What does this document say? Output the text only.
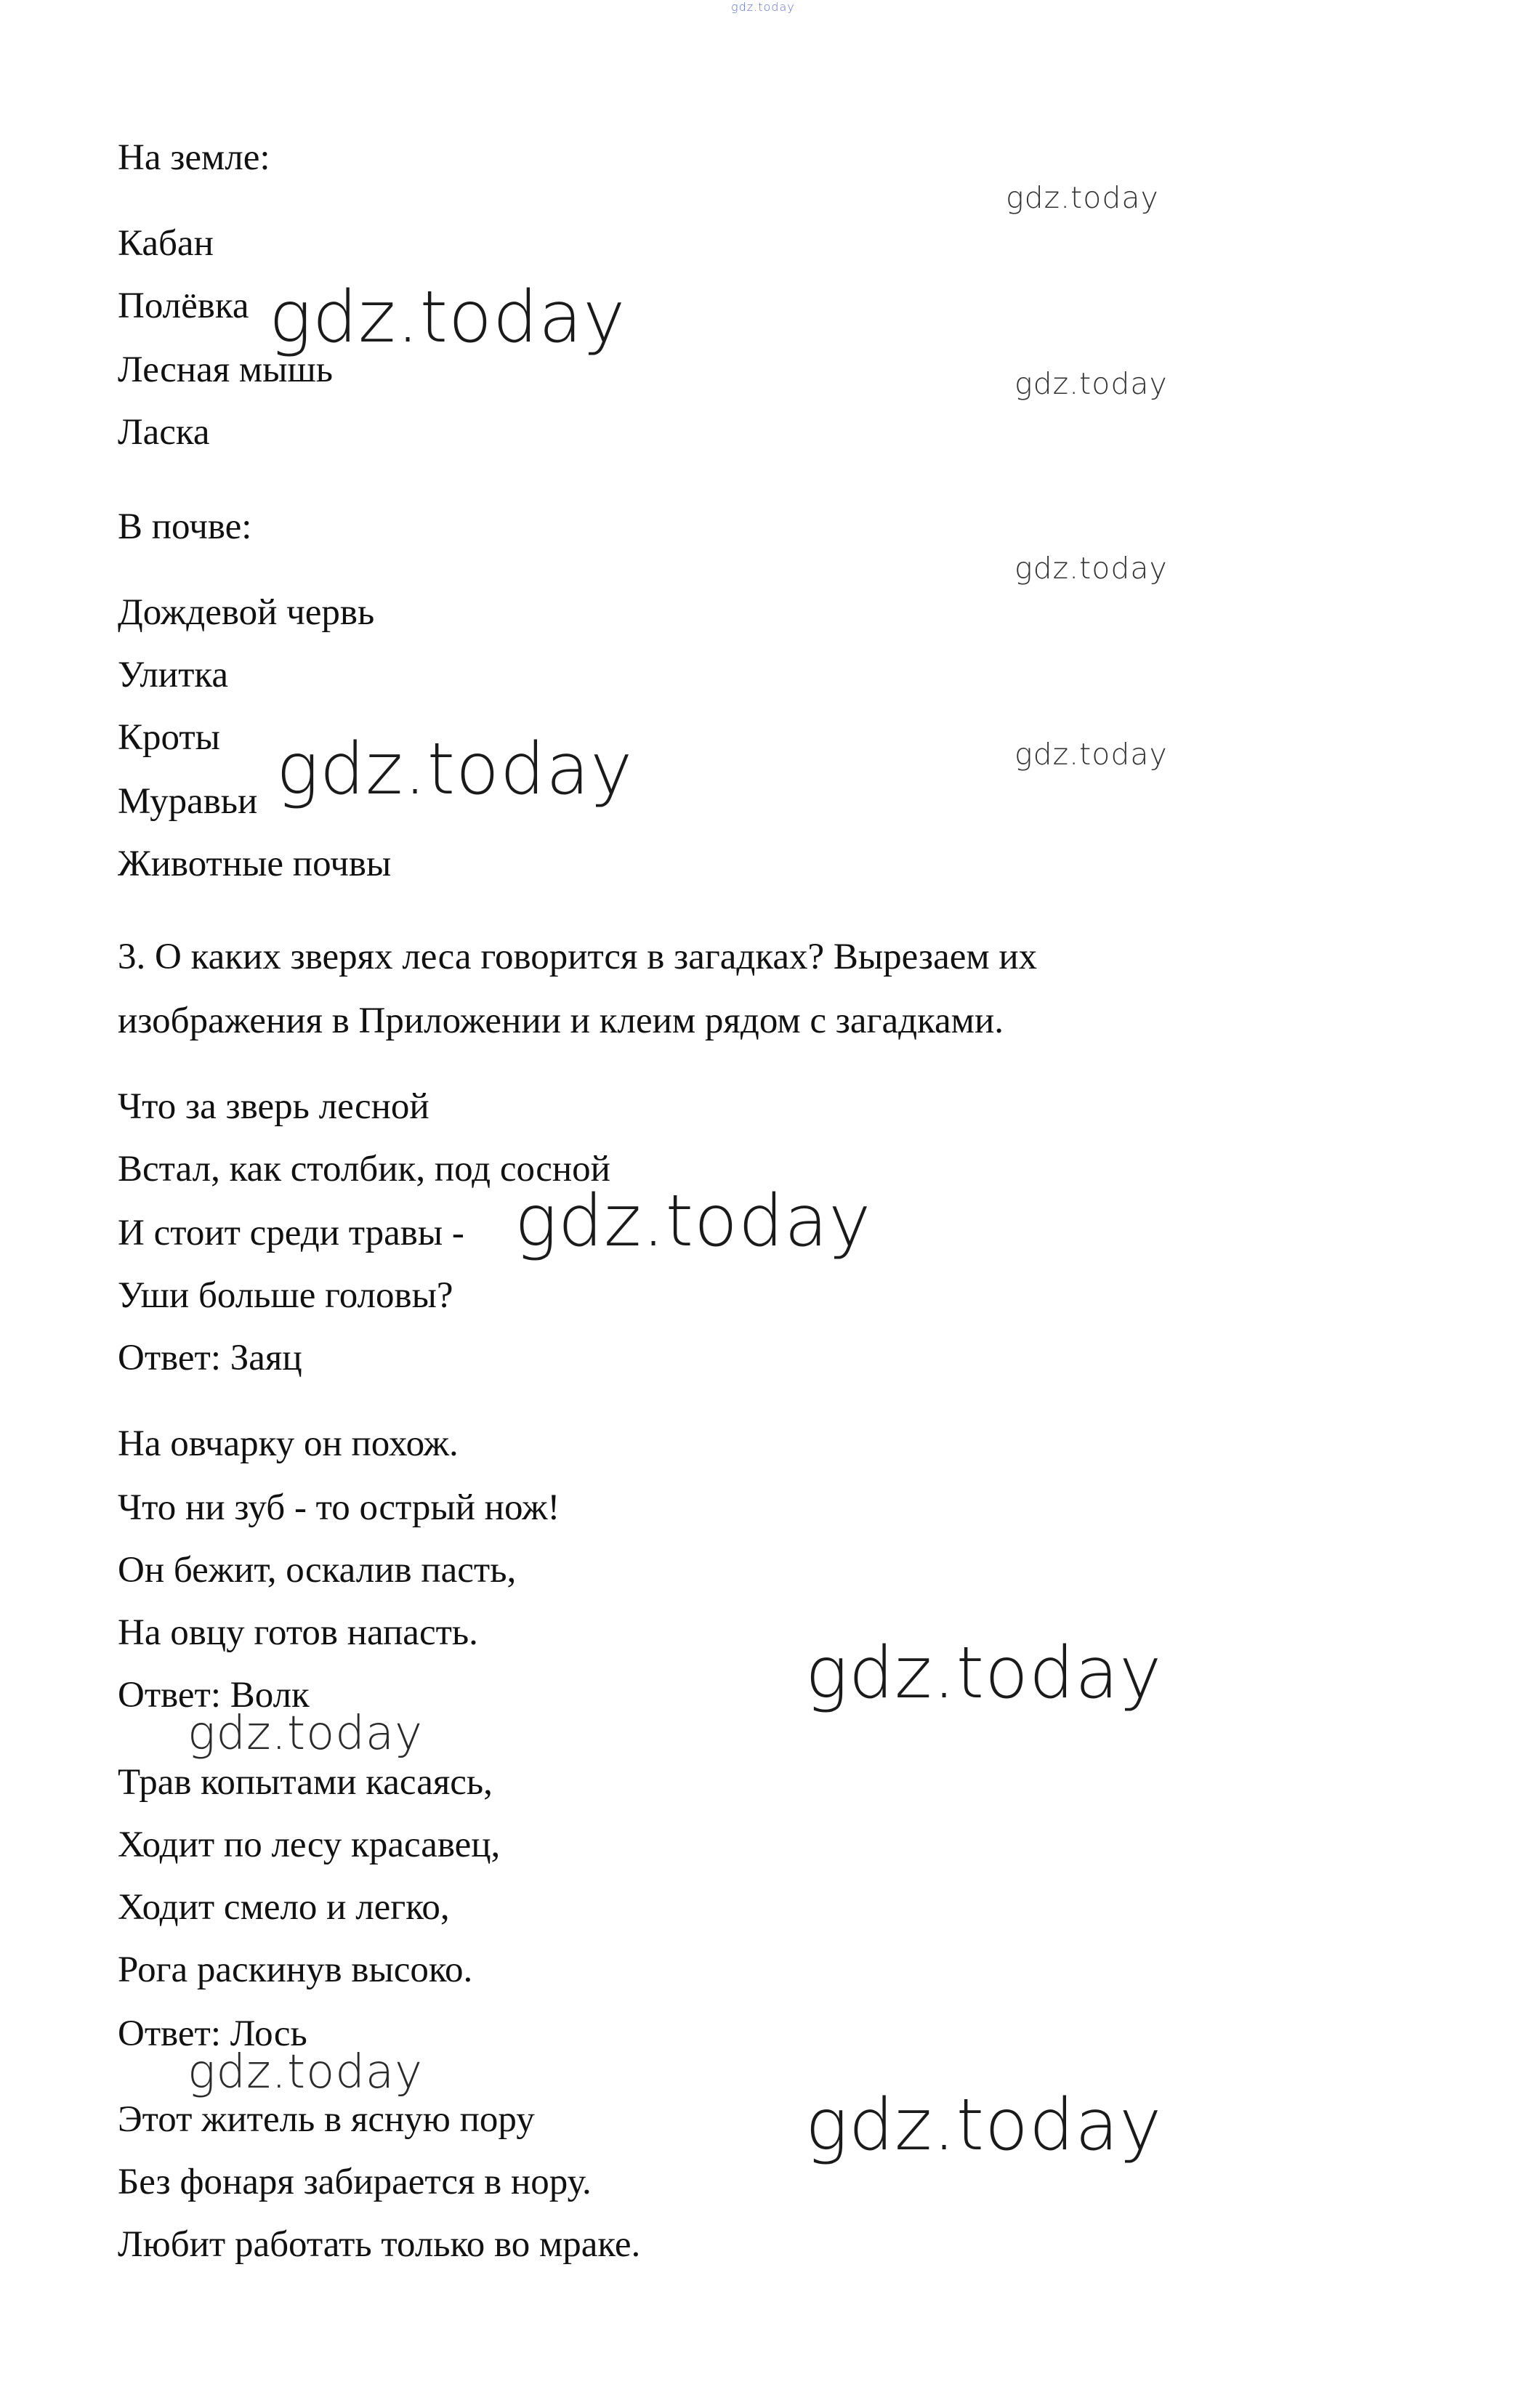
gdz.today
На земле:
Кабан
Полёвка
Лесная мышь
Ласка
В почве:
Дождевой червь
Улитка
Кроты
Муравьи
Животные почвы
3. О каких зверях леса говорится в загадках? Вырезаем их
изображения в Приложении и клеим рядом с загадками.
Что за зверь лесной
Встал, как столбик, под сосной
И стоит среди травы -
Уши больше головы?
Ответ: Заяц
На овчарку он похож.
Что ни зуб - то острый нож!
Он бежит, оскалив пасть,
На овцу готов напасть.
Ответ: Волк
Трав копытами касаясь,
Ходит по лесу красавец,
Ходит смело и легко,
Рога раскинув высоко.
Ответ: Лось
Этот житель в ясную пору
Без фонаря забирается в нору.
Любит работать только во мраке.
gdz.today
gdz.today
gdz.today
gdz.today
gdz.today
gdz.today
gdz.today
gdz.today
gdz.today
gdz.today
gdz.today
